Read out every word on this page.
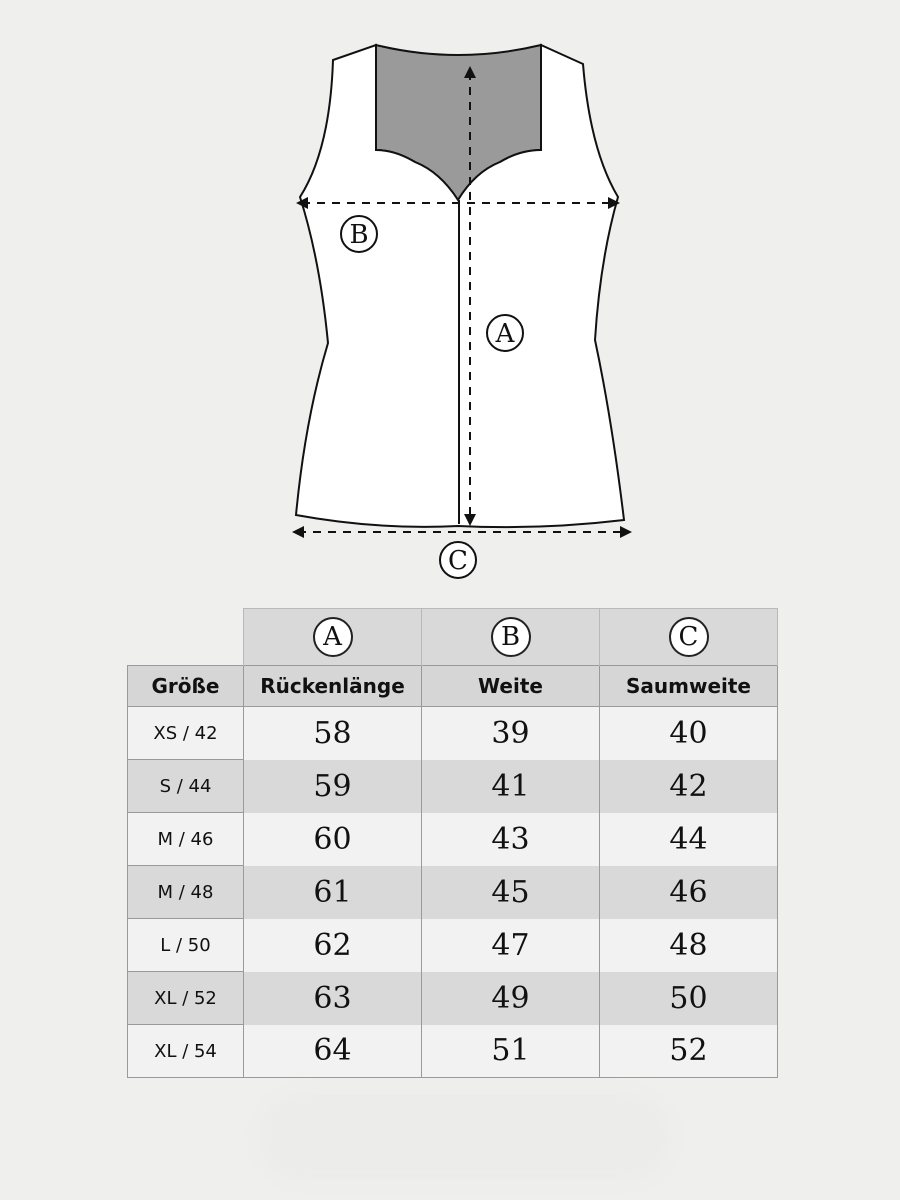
A
B
C
	A	B	C
Größe	Rückenlänge	Weite	Saumweite
XS / 42	58	39	40
S / 44	59	41	42
M / 46	60	43	44
M / 48	61	45	46
L / 50	62	47	48
XL / 52	63	49	50
XL / 54	64	51	52
